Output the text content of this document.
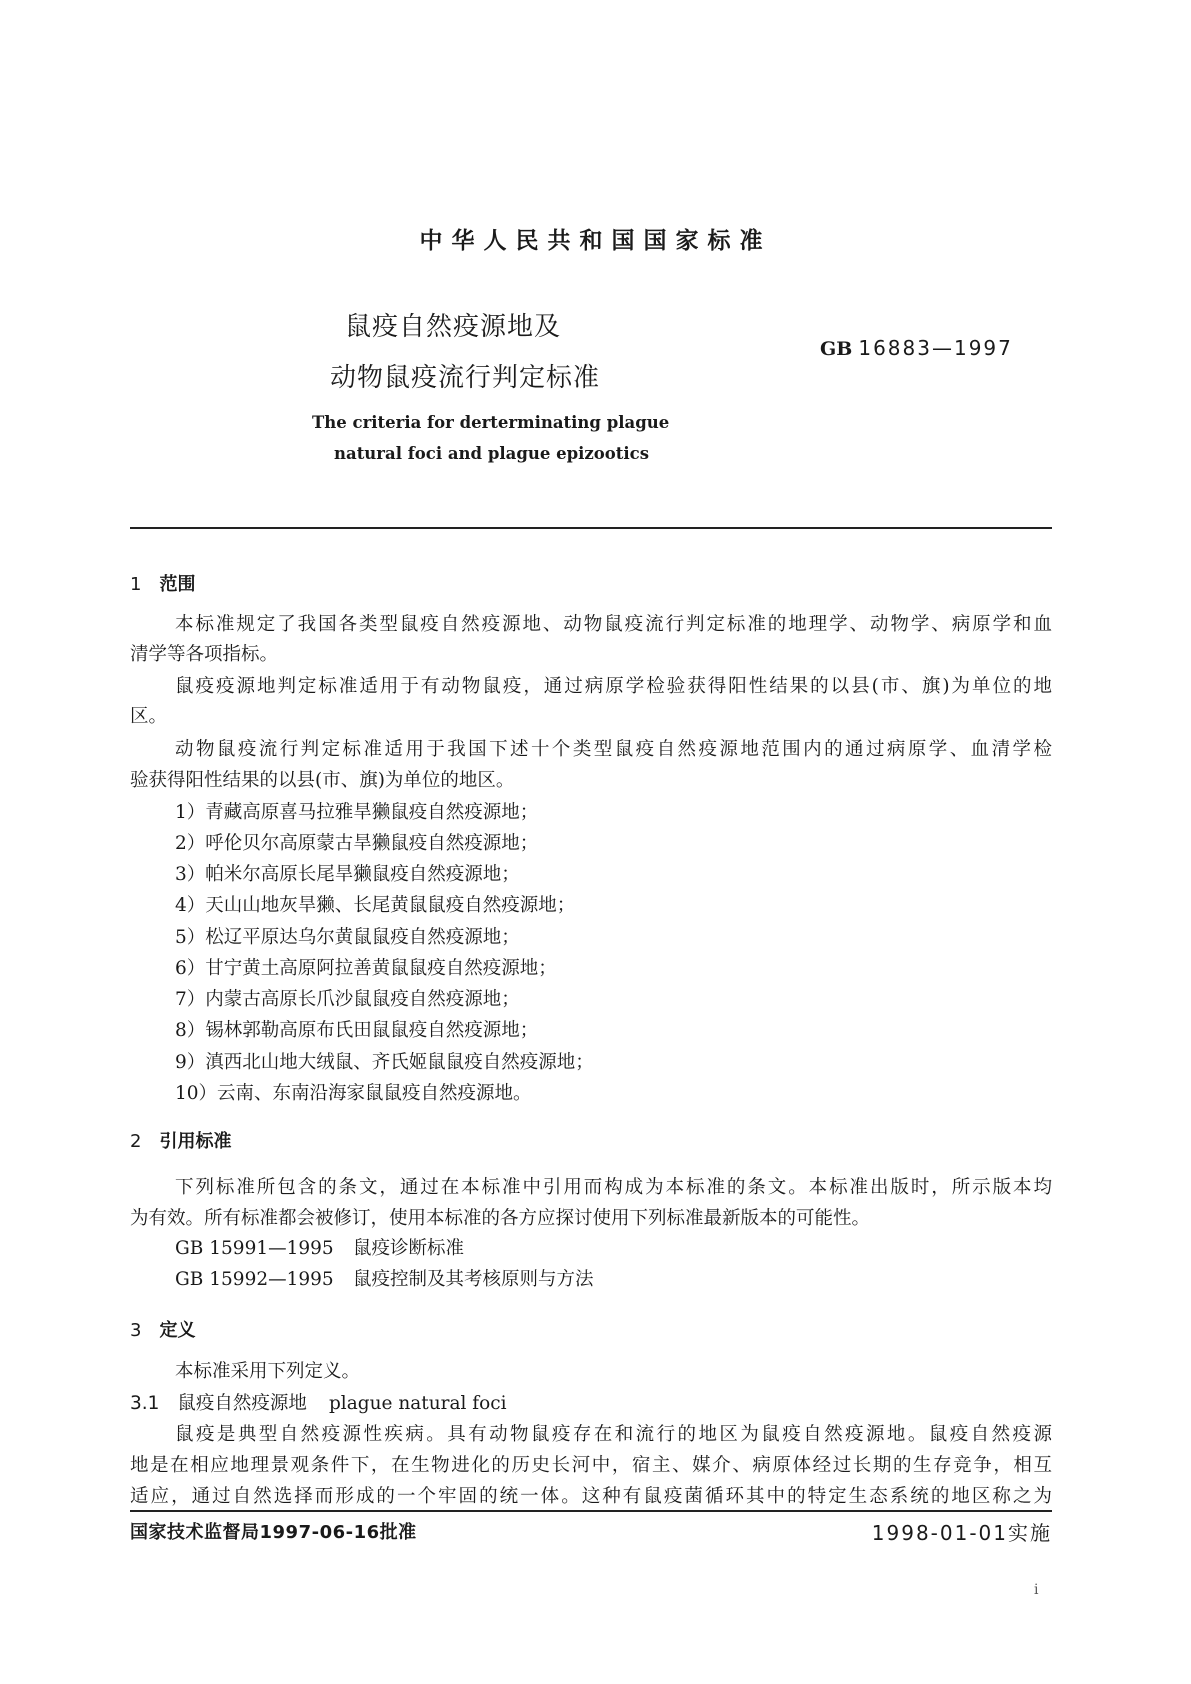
中华人民共和国国家标准
鼠疫自然疫源地及
动物鼠疫流行判定标准
GB 16883—1997
The criteria for derterminating plague
natural foci and plague epizootics
1 范围
本标准规定了我国各类型鼠疫自然疫源地、动物鼠疫流行判定标准的地理学、动物学、病原学和血
清学等各项指标。
鼠疫疫源地判定标准适用于有动物鼠疫，通过病原学检验获得阳性结果的以县(市、旗)为单位的地
区。
动物鼠疫流行判定标准适用于我国下述十个类型鼠疫自然疫源地范围内的通过病原学、血清学检
验获得阳性结果的以县(市、旗)为单位的地区。
1）青藏高原喜马拉雅旱獭鼠疫自然疫源地；
2）呼伦贝尔高原蒙古旱獭鼠疫自然疫源地；
3）帕米尔高原长尾旱獭鼠疫自然疫源地；
4）天山山地灰旱獭、长尾黄鼠鼠疫自然疫源地；
5）松辽平原达乌尔黄鼠鼠疫自然疫源地；
6）甘宁黄土高原阿拉善黄鼠鼠疫自然疫源地；
7）内蒙古高原长爪沙鼠鼠疫自然疫源地；
8）锡林郭勒高原布氏田鼠鼠疫自然疫源地；
9）滇西北山地大绒鼠、齐氏姬鼠鼠疫自然疫源地；
10）云南、东南沿海家鼠鼠疫自然疫源地。
2 引用标准
下列标准所包含的条文，通过在本标准中引用而构成为本标准的条文。本标准出版时，所示版本均
为有效。所有标准都会被修订，使用本标准的各方应探讨使用下列标准最新版本的可能性。
GB 15991—1995 鼠疫诊断标准
GB 15992—1995 鼠疫控制及其考核原则与方法
3 定义
本标准采用下列定义。
3.1 鼠疫自然疫源地 plague natural foci
鼠疫是典型自然疫源性疾病。具有动物鼠疫存在和流行的地区为鼠疫自然疫源地。鼠疫自然疫源
地是在相应地理景观条件下，在生物进化的历史长河中，宿主、媒介、病原体经过长期的生存竞争，相互
适应，通过自然选择而形成的一个牢固的统一体。这种有鼠疫菌循环其中的特定生态系统的地区称之为
国家技术监督局1997-06-16批准	1998-01-01实施
i
